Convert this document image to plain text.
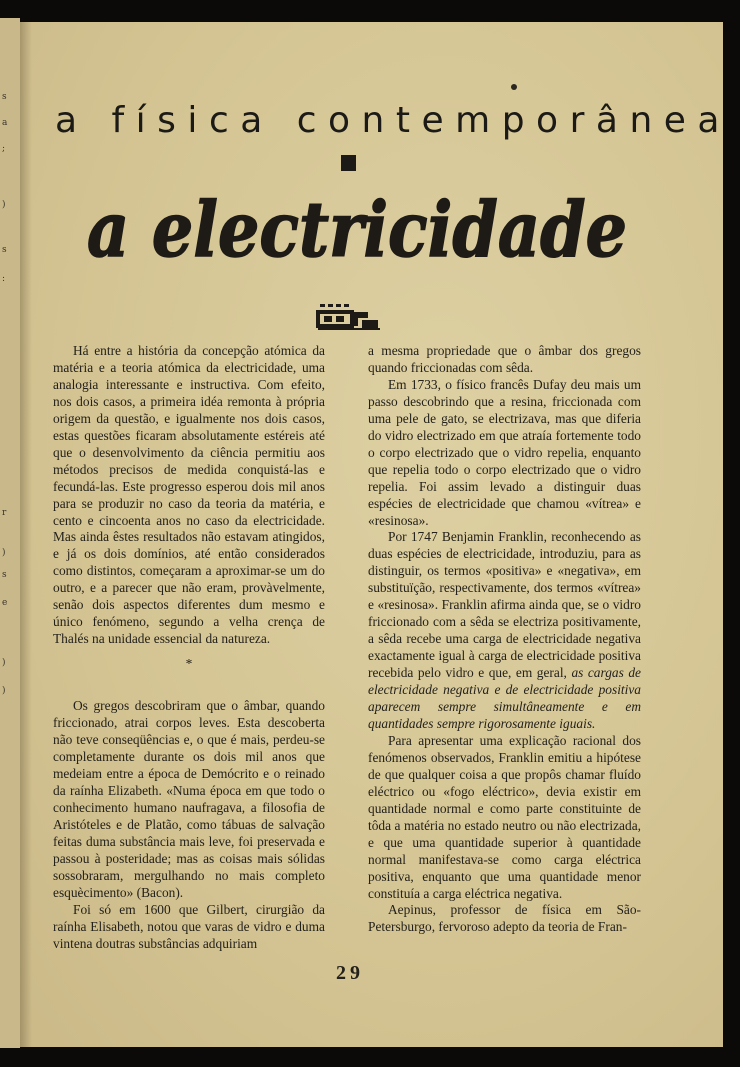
s
a
;
)
s
:
r
)
s
e
)
)
a física contemporânea
a electricidade

Há entre a história da concepção atómica da matéria e a teoria atómica da electricidade, uma analogia interessante e instructiva. Com efeito, nos dois casos, a primeira idéa remonta à própria origem da questão, e igualmente nos dois casos, estas questões ficaram absolutamente estéreis até que o desenvolvimento da ciência permitiu aos métodos precisos de medida conquistá-las e fecundá-las. Este progresso esperou dois mil anos para se produzir no caso da teoria da matéria, e cento e cincoenta anos no caso da electricidade. Mas ainda êstes resultados não estavam atingidos, e já os dois domínios, até então considerados como distintos, começaram a aproximar-se um do outro, e a parecer que não eram, provàvelmente, senão dois aspectos diferentes dum mesmo e único fenómeno, segundo a velha crença de Thalés na unidade essencial da natureza.

*

Os gregos descobriram que o âmbar, quando friccionado, atrai corpos leves. Esta descoberta não teve conseqüências e, o que é mais, perdeu-se completamente durante os dois mil anos que medeiam entre a época de Demócrito e o reinado da raínha Elizabeth. «Numa época em que todo o conhecimento humano naufragava, a filosofia de Aristóteles e de Platão, como tábuas de salvação feitas duma substância mais leve, foi preservada e passou à posteridade; mas as coisas mais sólidas sossobraram, mergulhando no mais completo esquècimento» (Bacon).

Foi só em 1600 que Gilbert, cirurgião da raínha Elisabeth, notou que varas de vidro e duma vintena doutras substâncias adquiriam

a mesma propriedade que o âmbar dos gregos quando friccionadas com sêda.

Em 1733, o físico francês Dufay deu mais um passo descobrindo que a resina, friccionada com uma pele de gato, se electrizava, mas que diferia do vidro electrizado em que atraía fortemente todo o corpo electrizado que o vidro repelia, enquanto que repelia todo o corpo electrizado que o vidro repelia. Foi assim levado a distinguir duas espécies de electricidade que chamou «vítrea» e «resinosa».

Por 1747 Benjamin Franklin, reconhecendo as duas espécies de electricidade, introduziu, para as distinguir, os termos «positiva» e «negativa», em substituïção, respectivamente, dos termos «vítrea» e «resinosa». Franklin afirma ainda que, se o vidro friccionado com a sêda se electriza positivamente, a sêda recebe uma carga de electricidade negativa exactamente igual à carga de electricidade positiva recebida pelo vidro e que, em geral, as cargas de electricidade negativa e de electricidade positiva aparecem sempre simultâneamente e em quantidades sempre rigorosamente iguais.

Para apresentar uma explicação racional dos fenómenos observados, Franklin emitiu a hipótese de que qualquer coisa a que propôs chamar fluído eléctrico ou «fogo eléctrico», devia existir em quantidade normal e como parte constituinte de tôda a matéria no estado neutro ou não electrizada, e que uma quantidade superior à quantidade normal manifestava-se como carga eléctrica positiva, enquanto que uma quantidade menor constituía a carga eléctrica negativa.

Aepinus, professor de física em São-Petersburgo, fervoroso adepto da teoria de Fran-

29
